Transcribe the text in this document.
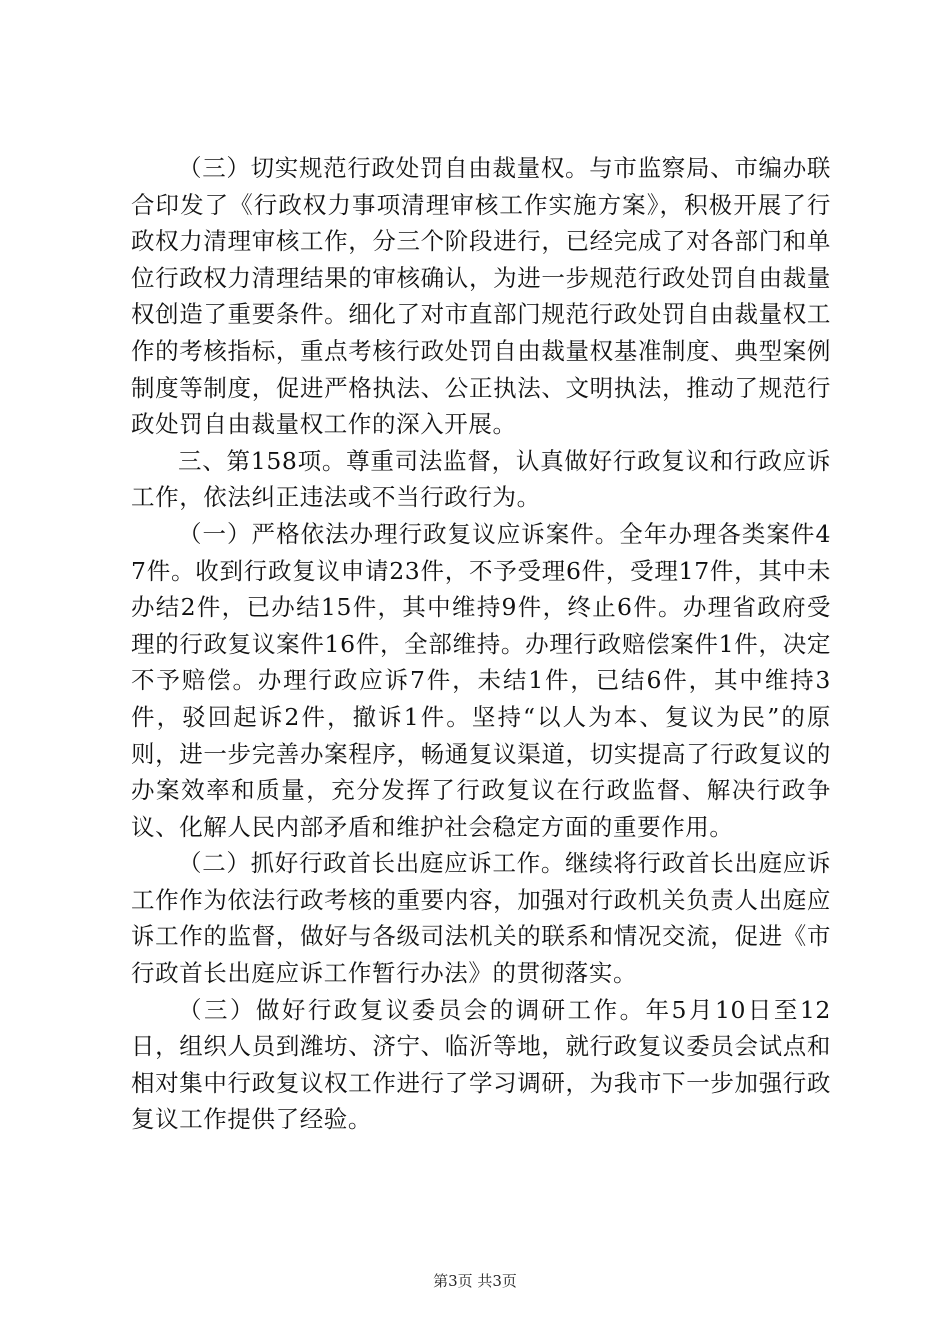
（三）切实规范行政处罚自由裁量权。与市监察局、市编办联合印发了《行政权力事项清理审核工作实施方案》，积极开展了行政权力清理审核工作，分三个阶段进行，已经完成了对各部门和单位行政权力清理结果的审核确认，为进一步规范行政处罚自由裁量权创造了重要条件。细化了对市直部门规范行政处罚自由裁量权工作的考核指标，重点考核行政处罚自由裁量权基准制度、典型案例制度等制度，促进严格执法、公正执法、文明执法，推动了规范行政处罚自由裁量权工作的深入开展。

三、第158项。尊重司法监督，认真做好行政复议和行政应诉工作，依法纠正违法或不当行政行为。

（一）严格依法办理行政复议应诉案件。全年办理各类案件47件。收到行政复议申请23件，不予受理6件，受理17件，其中未办结2件，已办结15件，其中维持9件，终止6件。办理省政府受理的行政复议案件16件，全部维持。办理行政赔偿案件1件，决定不予赔偿。办理行政应诉7件，未结1件，已结6件，其中维持3件，驳回起诉2件，撤诉1件。坚持“以人为本、复议为民”的原则，进一步完善办案程序，畅通复议渠道，切实提高了行政复议的办案效率和质量，充分发挥了行政复议在行政监督、解决行政争议、化解人民内部矛盾和维护社会稳定方面的重要作用。

（二）抓好行政首长出庭应诉工作。继续将行政首长出庭应诉工作作为依法行政考核的重要内容，加强对行政机关负责人出庭应诉工作的监督，做好与各级司法机关的联系和情况交流，促进《市行政首长出庭应诉工作暂行办法》的贯彻落实。

（三）做好行政复议委员会的调研工作。年5月10日至12日，组织人员到潍坊、济宁、临沂等地，就行政复议委员会试点和相对集中行政复议权工作进行了学习调研，为我市下一步加强行政复议工作提供了经验。

第3页 共3页
